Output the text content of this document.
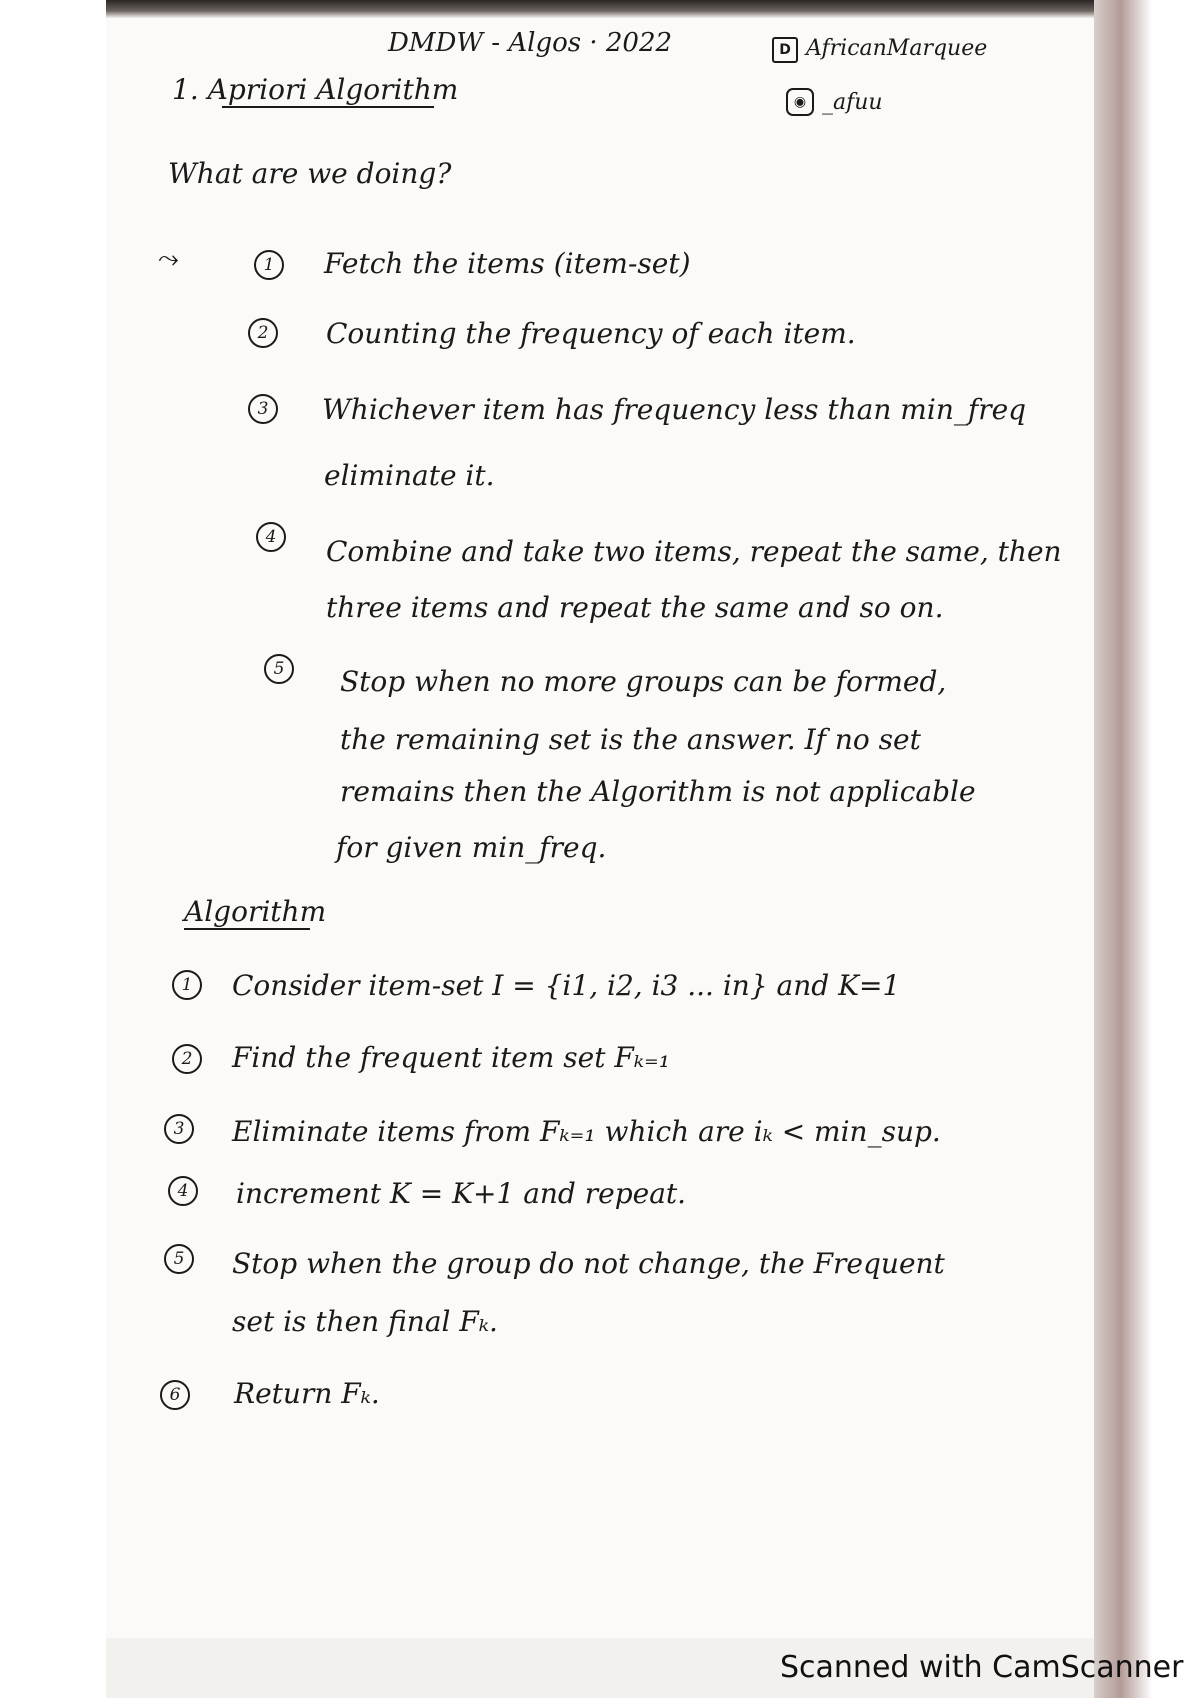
DMDW - Algos · 2022	D AfricanMarquee
◉ _afuu
1. Apriori Algorithm
What are we doing?
⤳	1	Fetch the items (item-set)
2	Counting the frequency of each item.
3	Whichever item has frequency less than min_freq
eliminate it.
4	Combine and take two items, repeat the same, then
three items and repeat the same and so on.
5	Stop when no more groups can be formed,
the remaining set is the answer. If no set
remains then the Algorithm is not applicable
for given min_freq.
Algorithm
1	Consider item-set I = {i1, i2, i3 ... in} and K=1
2	Find the frequent item set Fₖ₌₁
3	Eliminate items from Fₖ₌₁ which are iₖ < min_sup.
4	increment K = K+1 and repeat.
5	Stop when the group do not change, the Frequent
set is then final Fₖ.
6	Return Fₖ.
Scanned with CamScanner
